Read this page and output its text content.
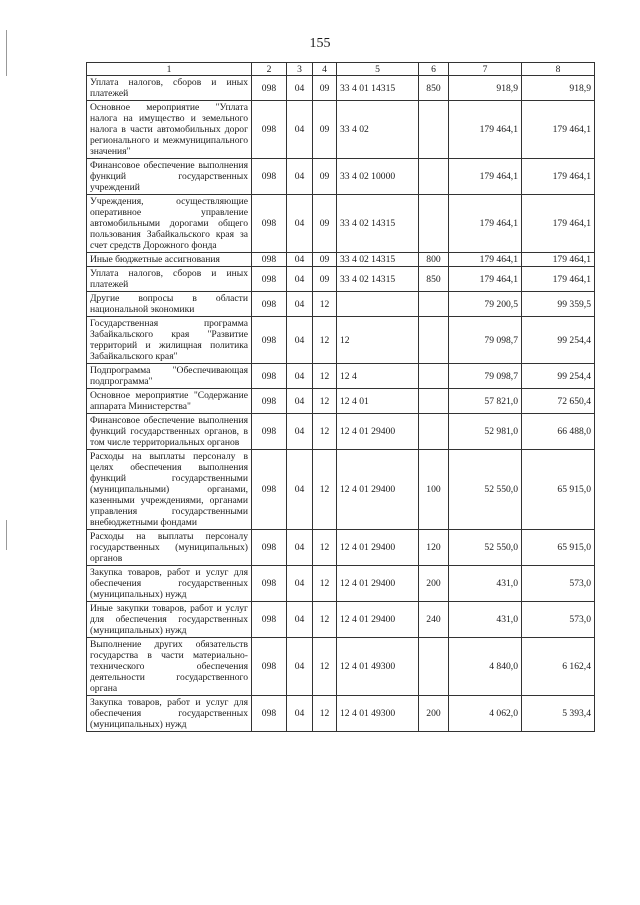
155
1	2	3	4	5	6	7	8
Уплата налогов, сборов и иных платежей	098	04	09	33 4 01 14315	850	918,9	918,9
Основное мероприятие "Уплата налога на имущество и земельного налога в части автомобильных дорог регионального и межмуниципального значения"	098	04	09	33 4 02		179 464,1	179 464,1
Финансовое обеспечение выполнения функций государственных учреждений	098	04	09	33 4 02 10000		179 464,1	179 464,1
Учреждения, осуществляющие оперативное управление автомобильными дорогами общего пользования Забайкальского края за счет средств Дорожного фонда	098	04	09	33 4 02 14315		179 464,1	179 464,1
Иные бюджетные ассигнования	098	04	09	33 4 02 14315	800	179 464,1	179 464,1
Уплата налогов, сборов и иных платежей	098	04	09	33 4 02 14315	850	179 464,1	179 464,1
Другие вопросы в области национальной экономики	098	04	12			79 200,5	99 359,5
Государственная программа Забайкальского края "Развитие территорий и жилищная политика Забайкальского края"	098	04	12	12		79 098,7	99 254,4
Подпрограмма "Обеспечивающая подпрограмма"	098	04	12	12 4		79 098,7	99 254,4
Основное мероприятие "Содержание аппарата Министерства"	098	04	12	12 4 01		57 821,0	72 650,4
Финансовое обеспечение выполнения функций государственных органов, в том числе территориальных органов	098	04	12	12 4 01 29400		52 981,0	66 488,0
Расходы на выплаты персоналу в целях обеспечения выполнения функций государственными (муниципальными) органами, казенными учреждениями, органами управления государственными внебюджетными фондами	098	04	12	12 4 01 29400	100	52 550,0	65 915,0
Расходы на выплаты персоналу государственных (муниципальных) органов	098	04	12	12 4 01 29400	120	52 550,0	65 915,0
Закупка товаров, работ и услуг для обеспечения государственных (муниципальных) нужд	098	04	12	12 4 01 29400	200	431,0	573,0
Иные закупки товаров, работ и услуг для обеспечения государственных (муниципальных) нужд	098	04	12	12 4 01 29400	240	431,0	573,0
Выполнение других обязательств государства в части материально-технического обеспечения деятельности государственного органа	098	04	12	12 4 01 49300		4 840,0	6 162,4
Закупка товаров, работ и услуг для обеспечения государственных (муниципальных) нужд	098	04	12	12 4 01 49300	200	4 062,0	5 393,4
